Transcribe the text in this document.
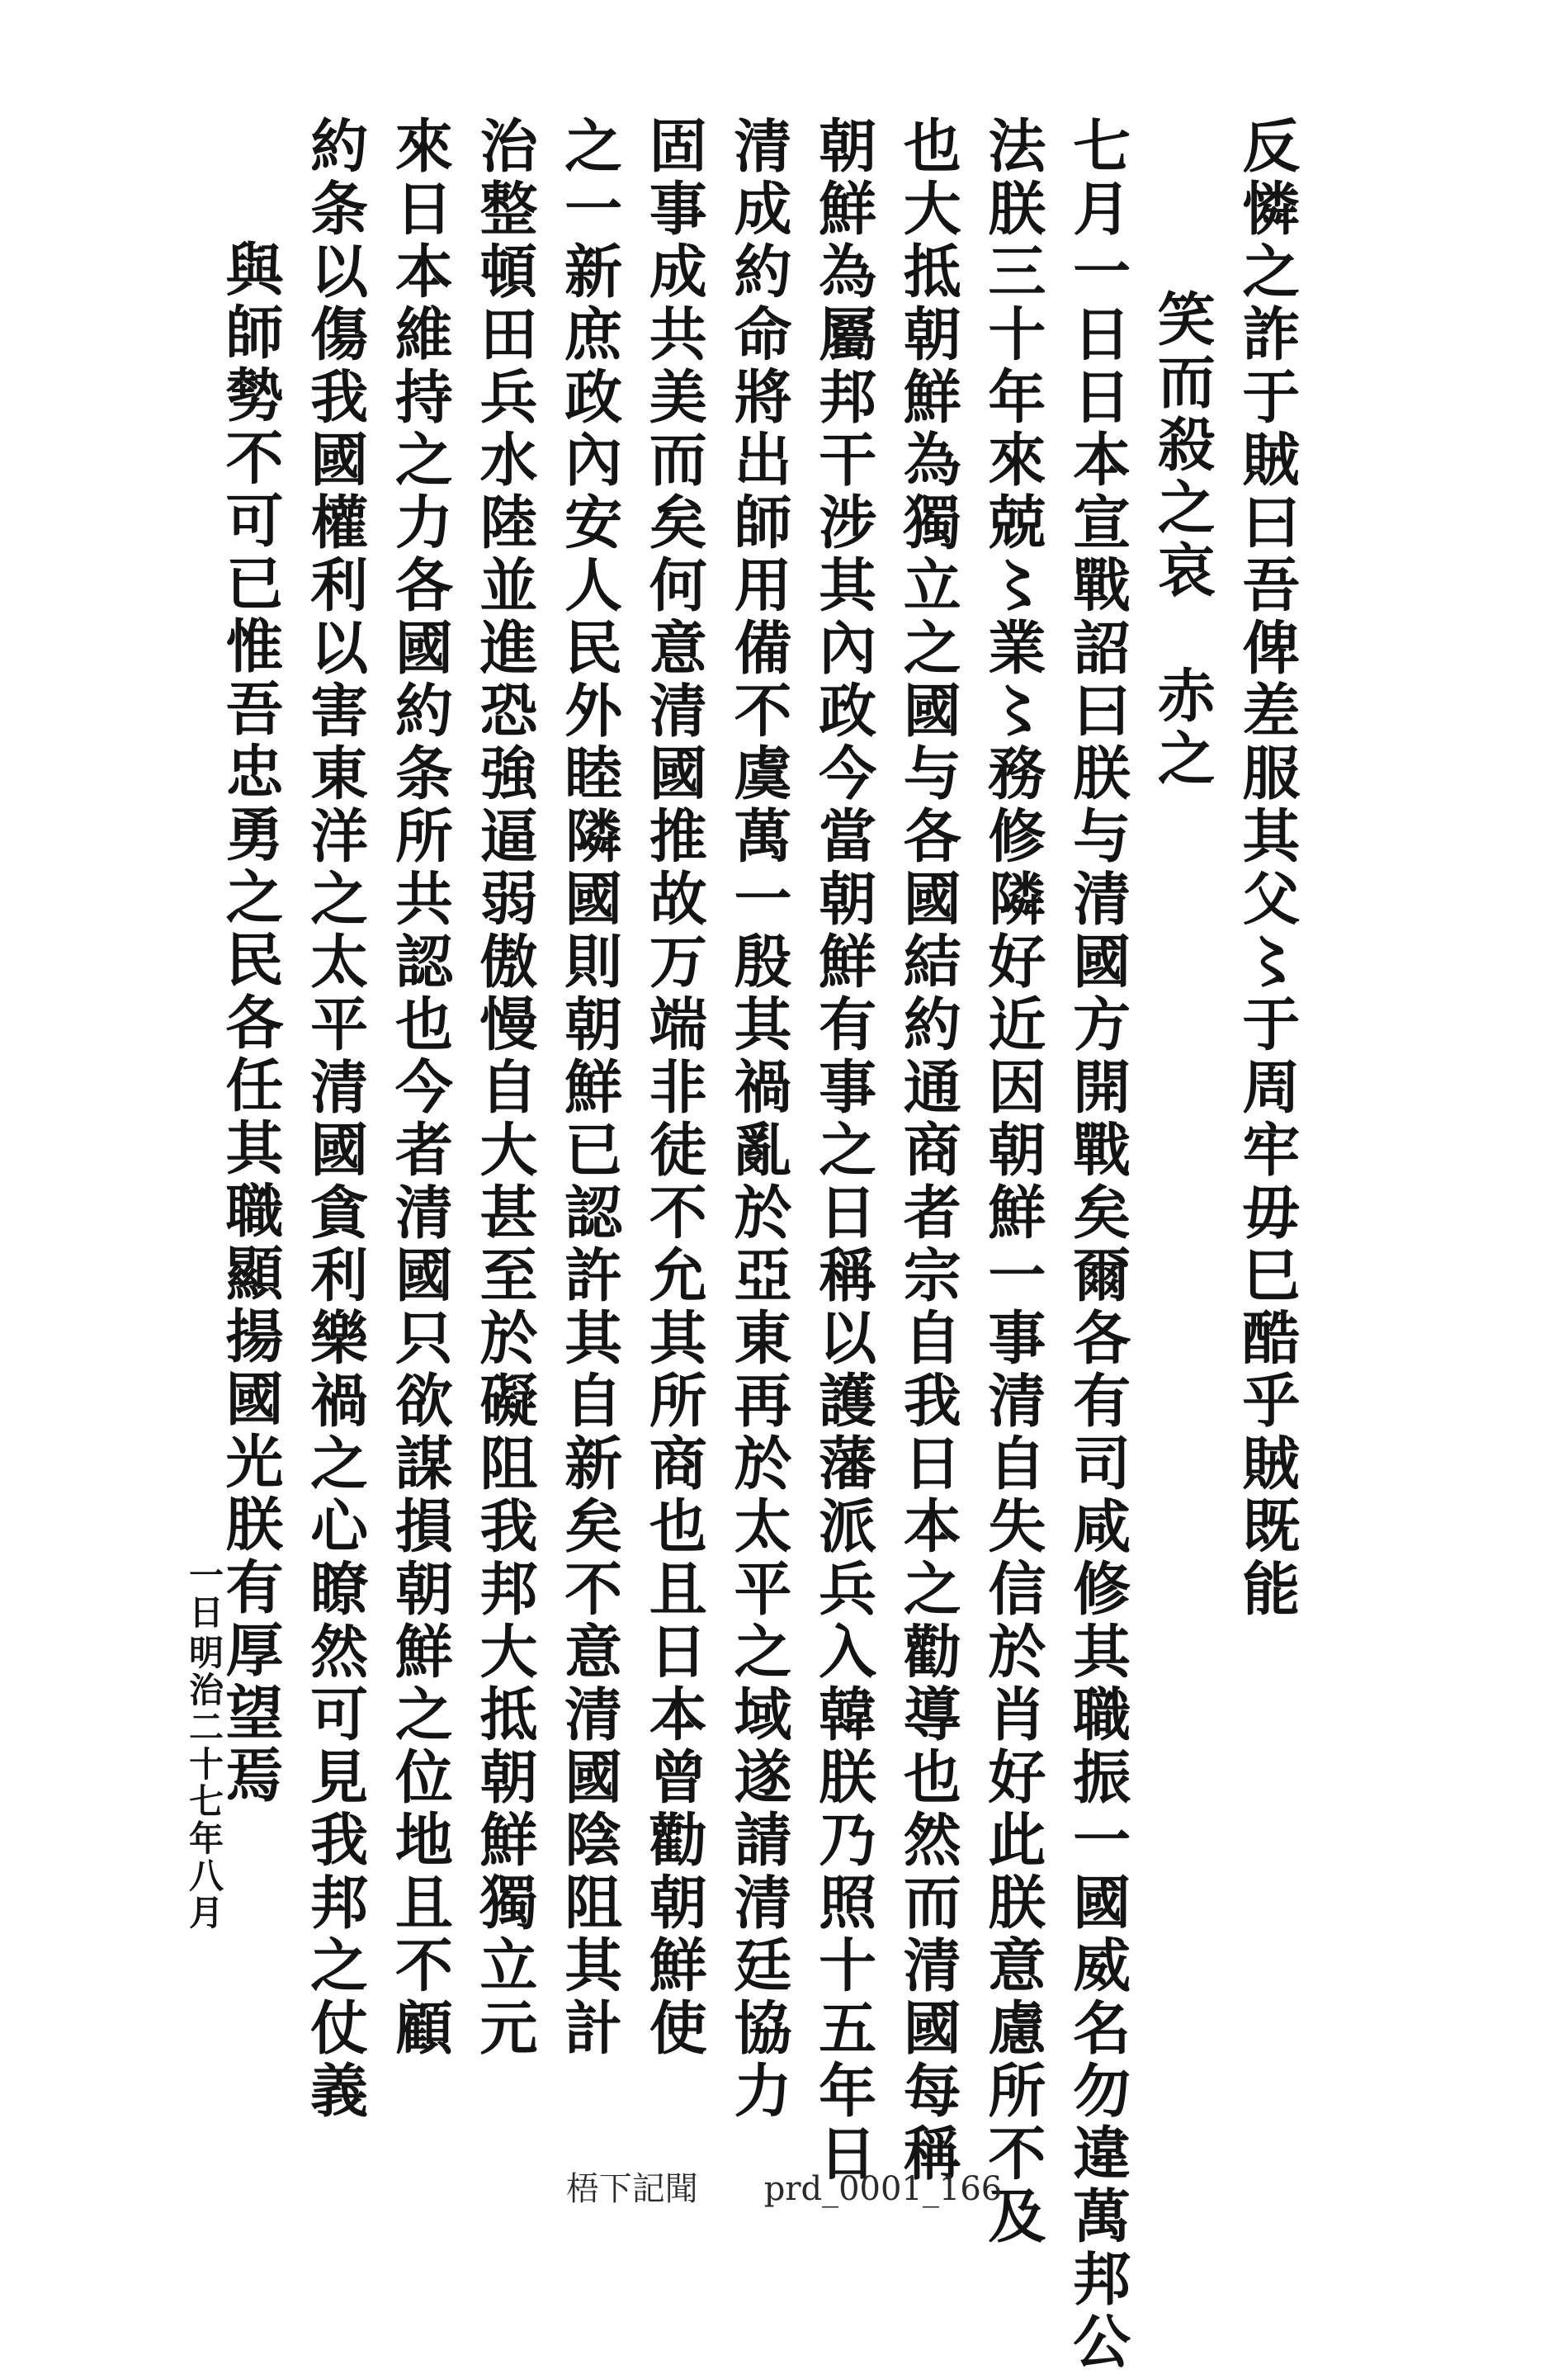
反憐之詐于賊曰吾俾差服其父〻于周牢毋巳酷乎賊既能
笑而殺之哀　赤之
七月一日日本宣戰詔曰朕与清國方開戰矣爾各有司咸修其職振一國威名勿違萬邦公
法朕三十年來兢〻業〻務修隣好近因朝鮮一事清自失信於肖好此朕意慮所不及
也大抵朝鮮為獨立之國与各國結約通商者宗自我日本之勸導也然而清國每稱
朝鮮為屬邦干涉其內政今當朝鮮有事之日稱以護藩派兵入韓朕乃照十五年日
清成約命將出師用備不虞萬一殷其禍亂於亞東再於太平之域遂請清廷協力
固事成共美而矣何意清國推故万端非徒不允其所商也且日本曾勸朝鮮使
之一新庶政內安人民外睦隣國則朝鮮已認許其自新矣不意清國陰阻其計
治整頓田兵水陸並進恐強逼弱傲慢自大甚至於礙阻我邦大抵朝鮮獨立元
來日本維持之力各國約条所共認也今者清國只欲謀損朝鮮之位地且不顧
約条以傷我國權利以害東洋之太平清國貪利樂禍之心瞭然可見我邦之仗義
與師勢不可已惟吾忠勇之民各任其職顯揚國光朕有厚望焉
明治二十七年八月
一日
梧下記聞 prd_0001_166
